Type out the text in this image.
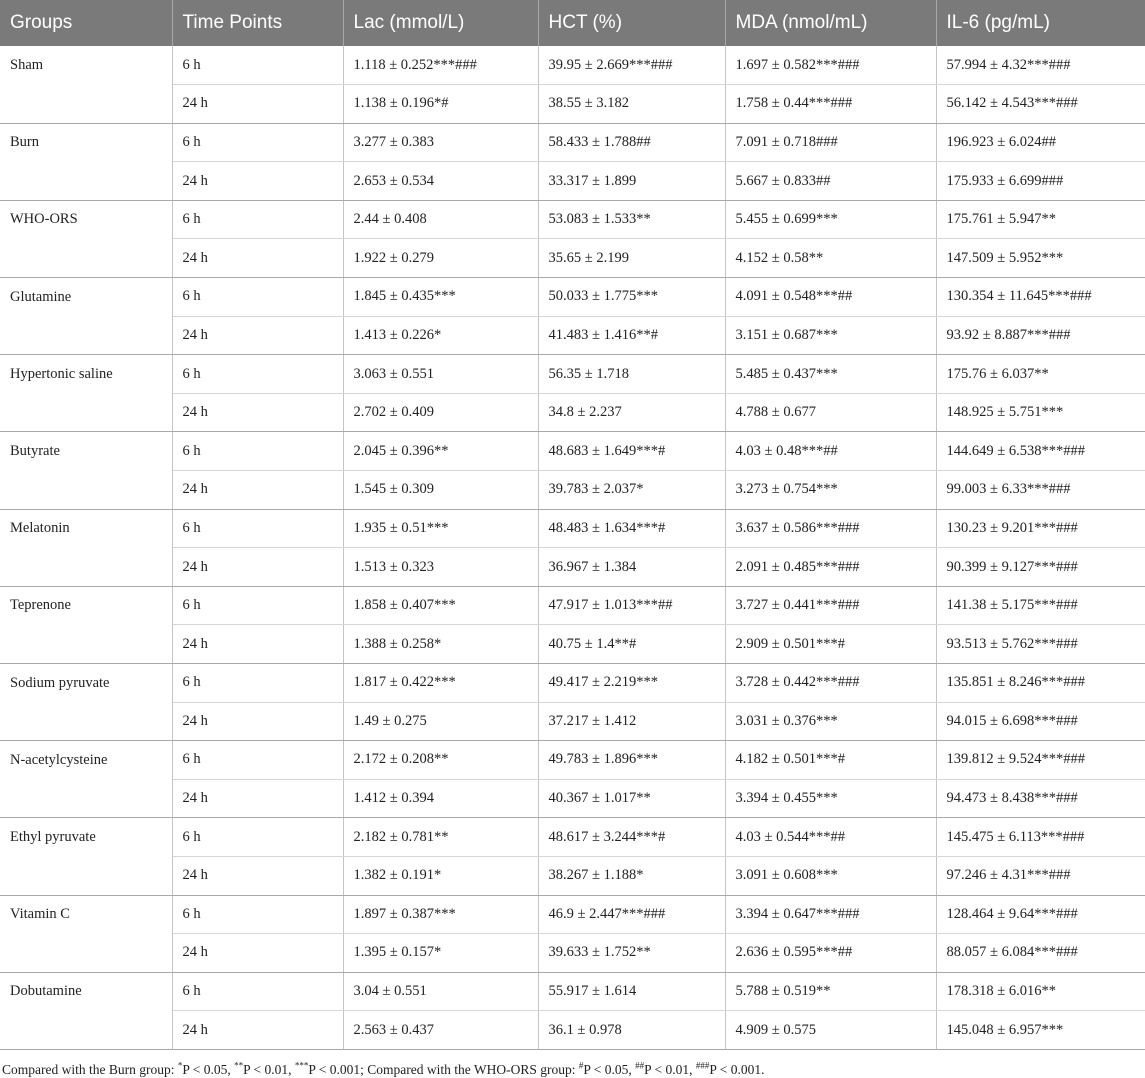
Groups	Time Points	Lac (mmol/L)	HCT (%)	MDA (nmol/mL)	IL-6 (pg/mL)
Sham	6 h	1.118 ± 0.252***###	39.95 ± 2.669***###	1.697 ± 0.582***###	57.994 ± 4.32***###
	24 h	1.138 ± 0.196*#	38.55 ± 3.182	1.758 ± 0.44***###	56.142 ± 4.543***###
Burn	6 h	3.277 ± 0.383	58.433 ± 1.788##	7.091 ± 0.718###	196.923 ± 6.024##
	24 h	2.653 ± 0.534	33.317 ± 1.899	5.667 ± 0.833##	175.933 ± 6.699###
WHO-ORS	6 h	2.44 ± 0.408	53.083 ± 1.533**	5.455 ± 0.699***	175.761 ± 5.947**
	24 h	1.922 ± 0.279	35.65 ± 2.199	4.152 ± 0.58**	147.509 ± 5.952***
Glutamine	6 h	1.845 ± 0.435***	50.033 ± 1.775***	4.091 ± 0.548***##	130.354 ± 11.645***###
	24 h	1.413 ± 0.226*	41.483 ± 1.416**#	3.151 ± 0.687***	93.92 ± 8.887***###
Hypertonic saline	6 h	3.063 ± 0.551	56.35 ± 1.718	5.485 ± 0.437***	175.76 ± 6.037**
	24 h	2.702 ± 0.409	34.8 ± 2.237	4.788 ± 0.677	148.925 ± 5.751***
Butyrate	6 h	2.045 ± 0.396**	48.683 ± 1.649***#	4.03 ± 0.48***##	144.649 ± 6.538***###
	24 h	1.545 ± 0.309	39.783 ± 2.037*	3.273 ± 0.754***	99.003 ± 6.33***###
Melatonin	6 h	1.935 ± 0.51***	48.483 ± 1.634***#	3.637 ± 0.586***###	130.23 ± 9.201***###
	24 h	1.513 ± 0.323	36.967 ± 1.384	2.091 ± 0.485***###	90.399 ± 9.127***###
Teprenone	6 h	1.858 ± 0.407***	47.917 ± 1.013***##	3.727 ± 0.441***###	141.38 ± 5.175***###
	24 h	1.388 ± 0.258*	40.75 ± 1.4**#	2.909 ± 0.501***#	93.513 ± 5.762***###
Sodium pyruvate	6 h	1.817 ± 0.422***	49.417 ± 2.219***	3.728 ± 0.442***###	135.851 ± 8.246***###
	24 h	1.49 ± 0.275	37.217 ± 1.412	3.031 ± 0.376***	94.015 ± 6.698***###
N-acetylcysteine	6 h	2.172 ± 0.208**	49.783 ± 1.896***	4.182 ± 0.501***#	139.812 ± 9.524***###
	24 h	1.412 ± 0.394	40.367 ± 1.017**	3.394 ± 0.455***	94.473 ± 8.438***###
Ethyl pyruvate	6 h	2.182 ± 0.781**	48.617 ± 3.244***#	4.03 ± 0.544***##	145.475 ± 6.113***###
	24 h	1.382 ± 0.191*	38.267 ± 1.188*	3.091 ± 0.608***	97.246 ± 4.31***###
Vitamin C	6 h	1.897 ± 0.387***	46.9 ± 2.447***###	3.394 ± 0.647***###	128.464 ± 9.64***###
	24 h	1.395 ± 0.157*	39.633 ± 1.752**	2.636 ± 0.595***##	88.057 ± 6.084***###
Dobutamine	6 h	3.04 ± 0.551	55.917 ± 1.614	5.788 ± 0.519**	178.318 ± 6.016**
	24 h	2.563 ± 0.437	36.1 ± 0.978	4.909 ± 0.575	145.048 ± 6.957***
Compared with the Burn group: *P < 0.05, **P < 0.01, ***P < 0.001; Compared with the WHO-ORS group: #P < 0.05, ##P < 0.01, ###P < 0.001.
